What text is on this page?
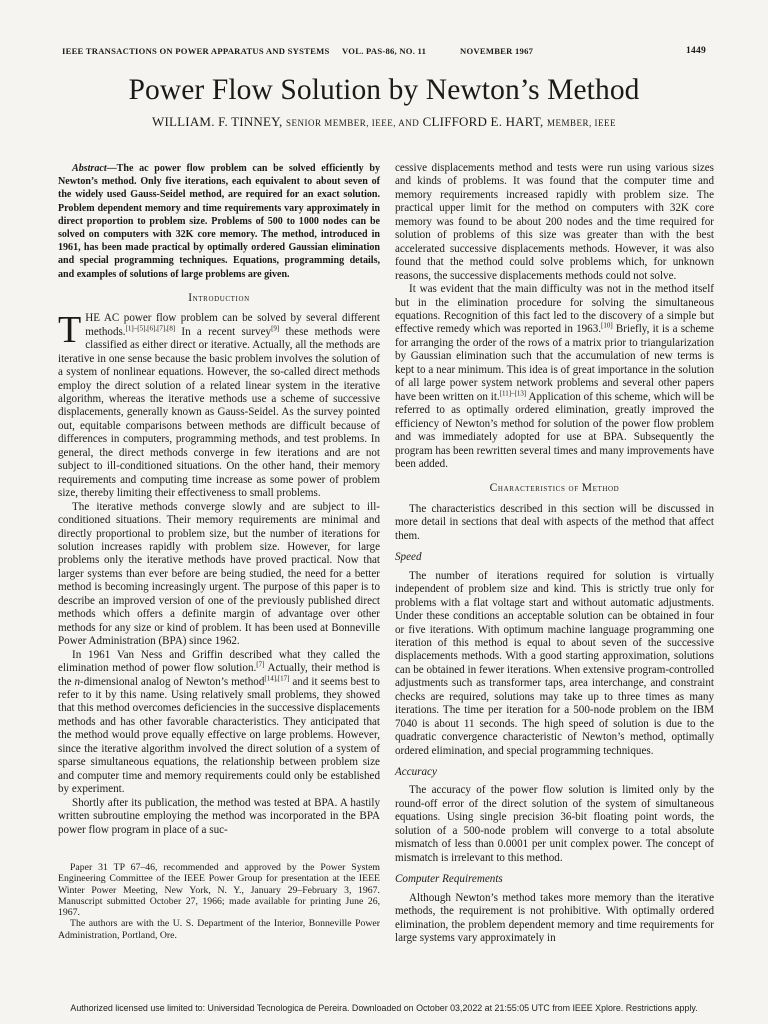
IEEE TRANSACTIONS ON POWER APPARATUS AND SYSTEMS	VOL. PAS-86, NO. 11	NOVEMBER 1967	1449
Power Flow Solution by Newton’s Method
WILLIAM. F. TINNEY, SENIOR MEMBER, IEEE, AND CLIFFORD E. HART, MEMBER, IEEE

Abstract—The ac power flow problem can be solved efficiently by Newton’s method. Only five iterations, each equivalent to about seven of the widely used Gauss-Seidel method, are required for an exact solution. Problem dependent memory and time requirements vary approximately in direct proportion to problem size. Problems of 500 to 1000 nodes can be solved on computers with 32K core memory. The method, introduced in 1961, has been made practical by optimally ordered Gaussian elimination and special programming techniques. Equations, programming details, and examples of solutions of large problems are given.

Introduction

THE AC power flow problem can be solved by several different methods.[1]–[5],[6],[7],[8] In a recent survey[9] these methods were classified as either direct or iterative. Actually, all the methods are iterative in one sense because the basic problem involves the solution of a system of nonlinear equations. However, the so-called direct methods employ the direct solution of a related linear system in the iterative algorithm, whereas the iterative methods use a scheme of successive displacements, generally known as Gauss-Seidel. As the survey pointed out, equitable comparisons between methods are difficult because of differences in computers, programming methods, and test problems. In general, the direct methods converge in few iterations and are not subject to ill-conditioned situations. On the other hand, their memory requirements and computing time increase as some power of problem size, thereby limiting their effectiveness to small problems.

The iterative methods converge slowly and are subject to ill-conditioned situations. Their memory requirements are minimal and directly proportional to problem size, but the number of iterations for solution increases rapidly with problem size. However, for large problems only the iterative methods have proved practical. Now that larger systems than ever before are being studied, the need for a better method is becoming increasingly urgent. The purpose of this paper is to describe an improved version of one of the previously published direct methods which offers a definite margin of advantage over other methods for any size or kind of problem. It has been used at Bonneville Power Administration (BPA) since 1962.

In 1961 Van Ness and Griffin described what they called the elimination method of power flow solution.[7] Actually, their method is the n-dimensional analog of Newton’s method[14],[17] and it seems best to refer to it by this name. Using relatively small problems, they showed that this method overcomes deficiencies in the successive displacements methods and has other favorable characteristics. They anticipated that the method would prove equally effective on large problems. However, since the iterative algorithm involved the direct solution of a system of sparse simultaneous equations, the relationship between problem size and computer time and memory requirements could only be established by experiment.

Shortly after its publication, the method was tested at BPA. A hastily written subroutine employing the method was incorporated in the BPA power flow program in place of a suc-

cessive displacements method and tests were run using various sizes and kinds of problems. It was found that the computer time and memory requirements increased rapidly with problem size. The practical upper limit for the method on computers with 32K core memory was found to be about 200 nodes and the time required for solution of problems of this size was greater than with the best accelerated successive displacements methods. However, it was also found that the method could solve problems which, for unknown reasons, the successive displacements methods could not solve.

It was evident that the main difficulty was not in the method itself but in the elimination procedure for solving the simultaneous equations. Recognition of this fact led to the discovery of a simple but effective remedy which was reported in 1963.[10] Briefly, it is a scheme for arranging the order of the rows of a matrix prior to triangularization by Gaussian elimination such that the accumulation of new terms is kept to a near minimum. This idea is of great importance in the solution of all large power system network problems and several other papers have been written on it.[11]–[13] Application of this scheme, which will be referred to as optimally ordered elimination, greatly improved the efficiency of Newton’s method for solution of the power flow problem and was immediately adopted for use at BPA. Subsequently the program has been rewritten several times and many improvements have been added.

Characteristics of Method

The characteristics described in this section will be discussed in more detail in sections that deal with aspects of the method that affect them.

Speed

The number of iterations required for solution is virtually independent of problem size and kind. This is strictly true only for problems with a flat voltage start and without automatic adjustments. Under these conditions an acceptable solution can be obtained in four or five iterations. With optimum machine language programming one iteration of this method is equal to about seven of the successive displacements methods. With a good starting approximation, solutions can be obtained in fewer iterations. When extensive program-controlled adjustments such as transformer taps, area interchange, and constraint checks are required, solutions may take up to three times as many iterations. The time per iteration for a 500-node problem on the IBM 7040 is about 11 seconds. The high speed of solution is due to the quadratic convergence characteristic of Newton’s method, optimally ordered elimination, and special programming techniques.

Accuracy

The accuracy of the power flow solution is limited only by the round-off error of the direct solution of the system of simultaneous equations. Using single precision 36-bit floating point words, the solution of a 500-node problem will converge to a total absolute mismatch of less than 0.0001 per unit complex power. The concept of mismatch is irrelevant to this method.

Computer Requirements

Although Newton’s method takes more memory than the iterative methods, the requirement is not prohibitive. With optimally ordered elimination, the problem dependent memory and time requirements for large systems vary approximately in

Paper 31 TP 67–46, recommended and approved by the Power System Engineering Committee of the IEEE Power Group for presentation at the IEEE Winter Power Meeting, New York, N. Y., January 29–February 3, 1967. Manuscript submitted October 27, 1966; made available for printing June 26, 1967.

The authors are with the U. S. Department of the Interior, Bonneville Power Administration, Portland, Ore.

Authorized licensed use limited to: Universidad Tecnologica de Pereira. Downloaded on October 03,2022 at 21:55:05 UTC from IEEE Xplore. Restrictions apply.
